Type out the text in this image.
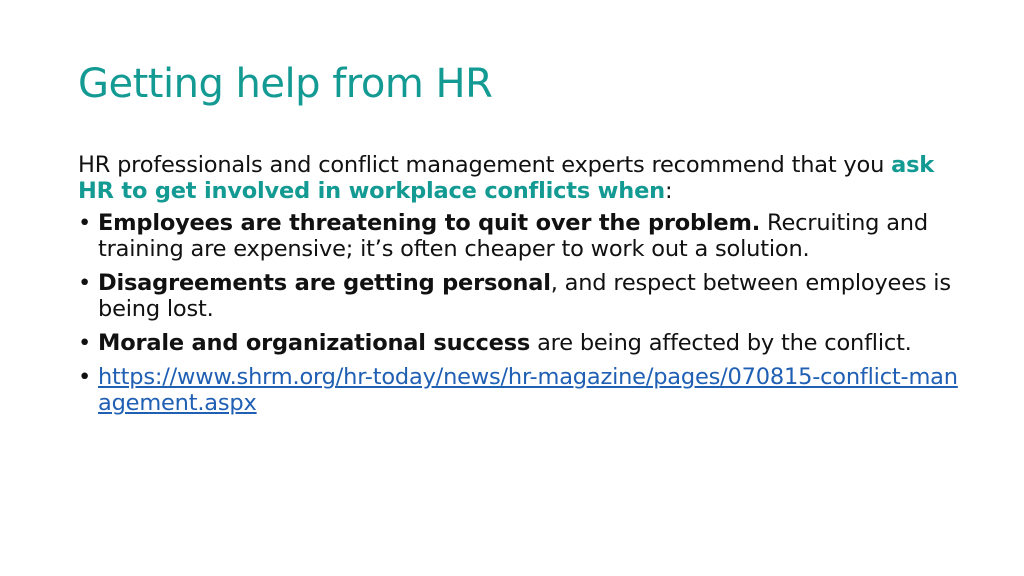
Getting help from HR

HR professionals and conflict management experts recommend that you ask HR to get involved in workplace conflicts when:

• Employees are threatening to quit over the problem. Recruiting and training are expensive; it’s often cheaper to work out a solution.
• Disagreements are getting personal, and respect between employees is being lost.
• Morale and organizational success are being affected by the conflict.
• https://www.shrm.org/hr-today/news/hr-magazine/pages/070815-conflict-management.aspx
